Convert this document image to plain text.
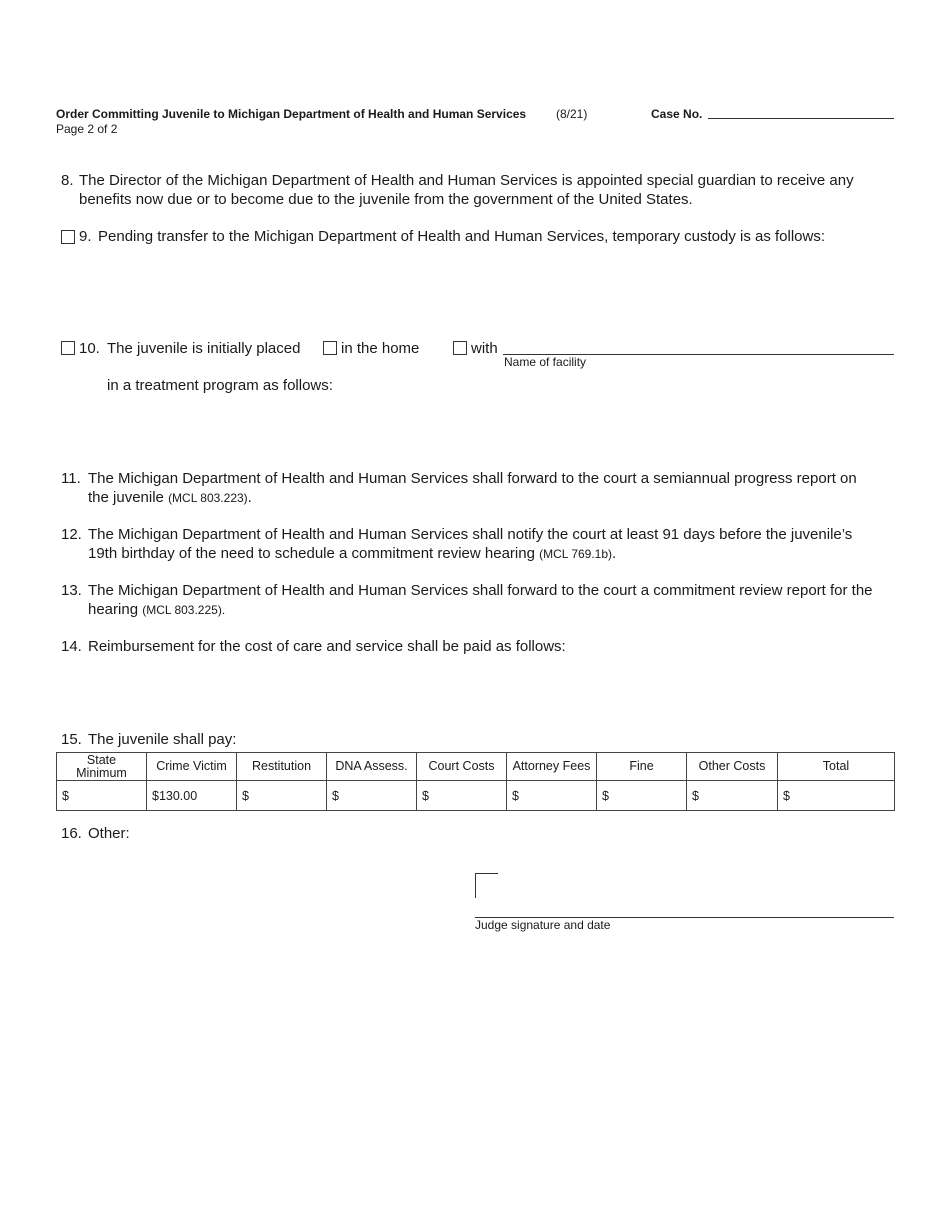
Order Committing Juvenile to Michigan Department of Health and Human Services (8/21)	Case No.
Page 2 of 2
8. The Director of the Michigan Department of Health and Human Services is appointed special guardian to receive any
benefits now due or to become due to the juvenile from the government of the United States.
9. Pending transfer to the Michigan Department of Health and Human Services, temporary custody is as follows:
10. The juvenile is initially placed	in the home	with
Name of facility
in a treatment program as follows:
11. The Michigan Department of Health and Human Services shall forward to the court a semiannual progress report on
the juvenile (MCL 803.223).
12. The Michigan Department of Health and Human Services shall notify the court at least 91 days before the juvenile’s
19th birthday of the need to schedule a commitment review hearing (MCL 769.1b).
13. The Michigan Department of Health and Human Services shall forward to the court a commitment review report for the
hearing (MCL 803.225).
14. Reimbursement for the cost of care and service shall be paid as follows:
15. The juvenile shall pay:
State Minimum	Crime Victim	Restitution	DNA Assess.	Court Costs	Attorney Fees	Fine	Other Costs	Total
$	$130.00	$	$	$	$	$	$	$
16. Other:
Judge signature and date
